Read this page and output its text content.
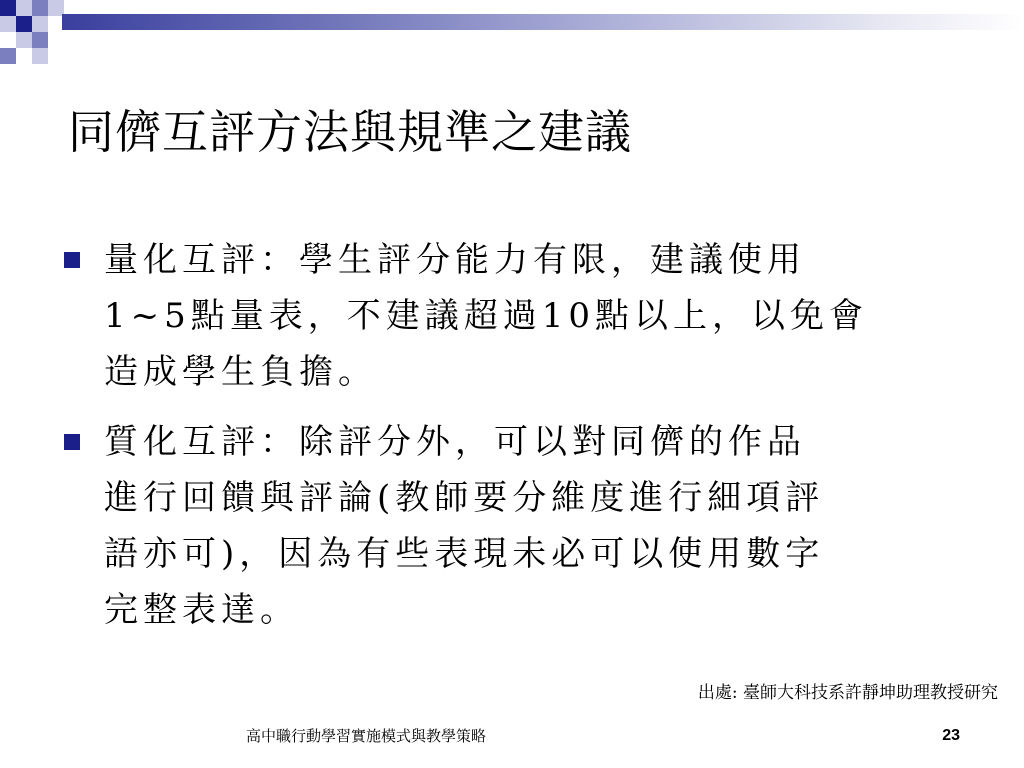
同儕互評方法與規準之建議
量化互評：學生評分能力有限，建議使用
1~5點量表，不建議超過10點以上，以免會
造成學生負擔。
質化互評：除評分外，可以對同儕的作品
進行回饋與評論(教師要分維度進行細項評
語亦可)，因為有些表現未必可以使用數字
完整表達。
出處: 臺師大科技系許靜坤助理教授研究
高中職行動學習實施模式與教學策略	23
